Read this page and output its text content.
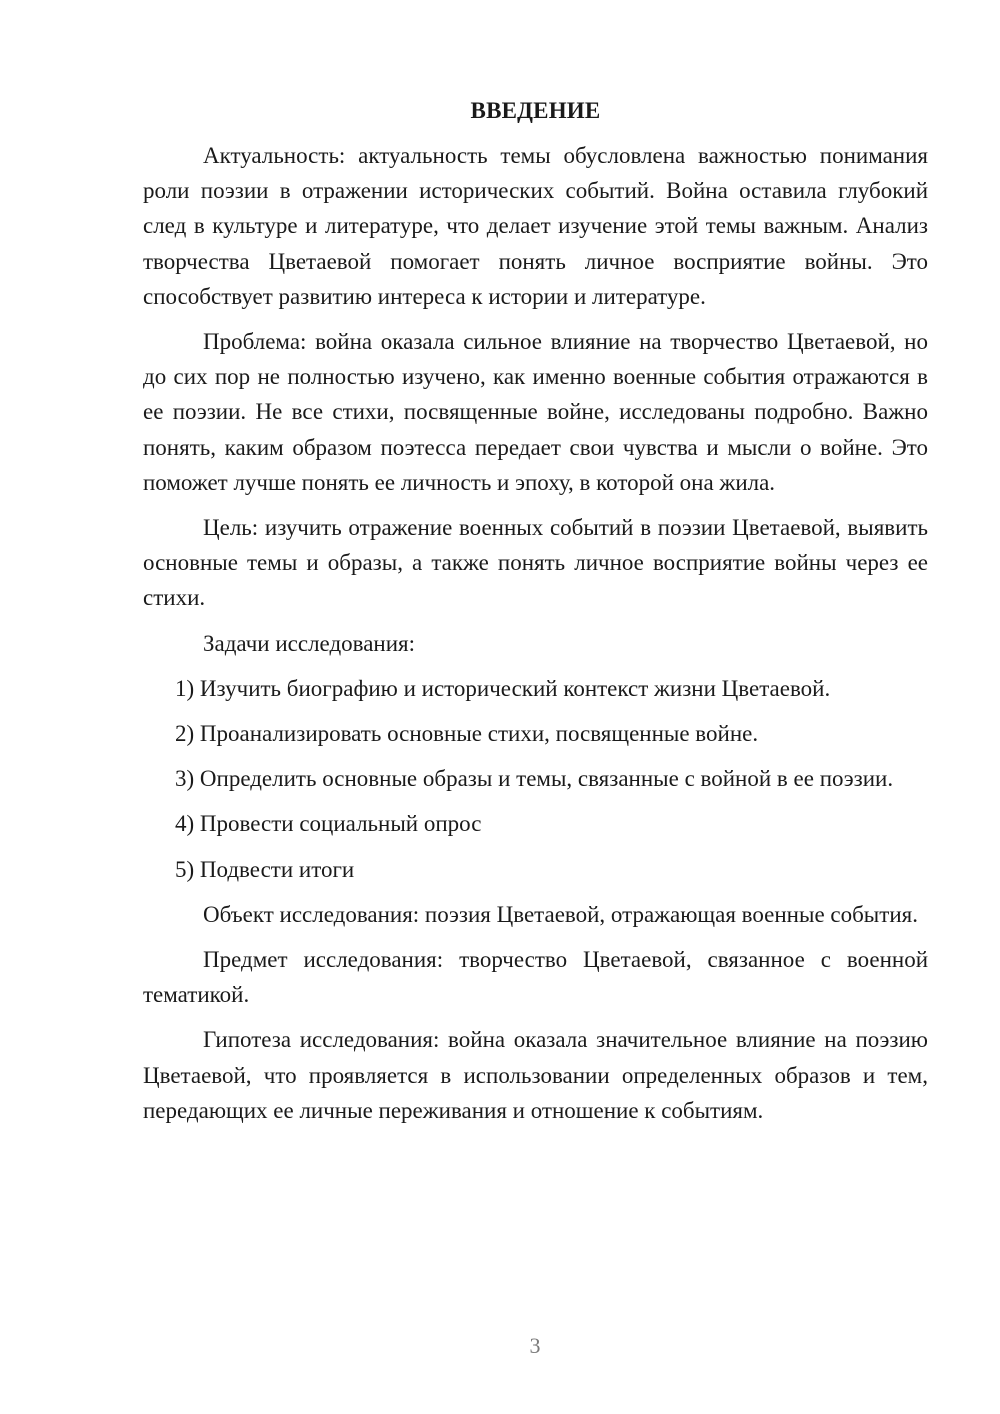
ВВЕДЕНИЕ

Актуальность: актуальность темы обусловлена важностью понимания роли поэзии в отражении исторических событий. Война оставила глубокий след в культуре и литературе, что делает изучение этой темы важным. Анализ творчества Цветаевой помогает понять личное восприятие войны. Это способствует развитию интереса к истории и литературе.

Проблема: война оказала сильное влияние на творчество Цветаевой, но до сих пор не полностью изучено, как именно военные события отражаются в ее поэзии. Не все стихи, посвященные войне, исследованы подробно. Важно понять, каким образом поэтесса передает свои чувства и мысли о войне. Это поможет лучше понять ее личность и эпоху, в которой она жила.

Цель: изучить отражение военных событий в поэзии Цветаевой, выявить основные темы и образы, а также понять личное восприятие войны через ее стихи.

Задачи исследования:

1) Изучить биографию и исторический контекст жизни Цветаевой.

2) Проанализировать основные стихи, посвященные войне.

3) Определить основные образы и темы, связанные с войной в ее поэзии.

4) Провести социальный опрос

5) Подвести итоги

Объект исследования: поэзия Цветаевой, отражающая военные события.

Предмет исследования: творчество Цветаевой, связанное с военной тематикой.

Гипотеза исследования: война оказала значительное влияние на поэзию Цветаевой, что проявляется в использовании определенных образов и тем, передающих ее личные переживания и отношение к событиям.

3
